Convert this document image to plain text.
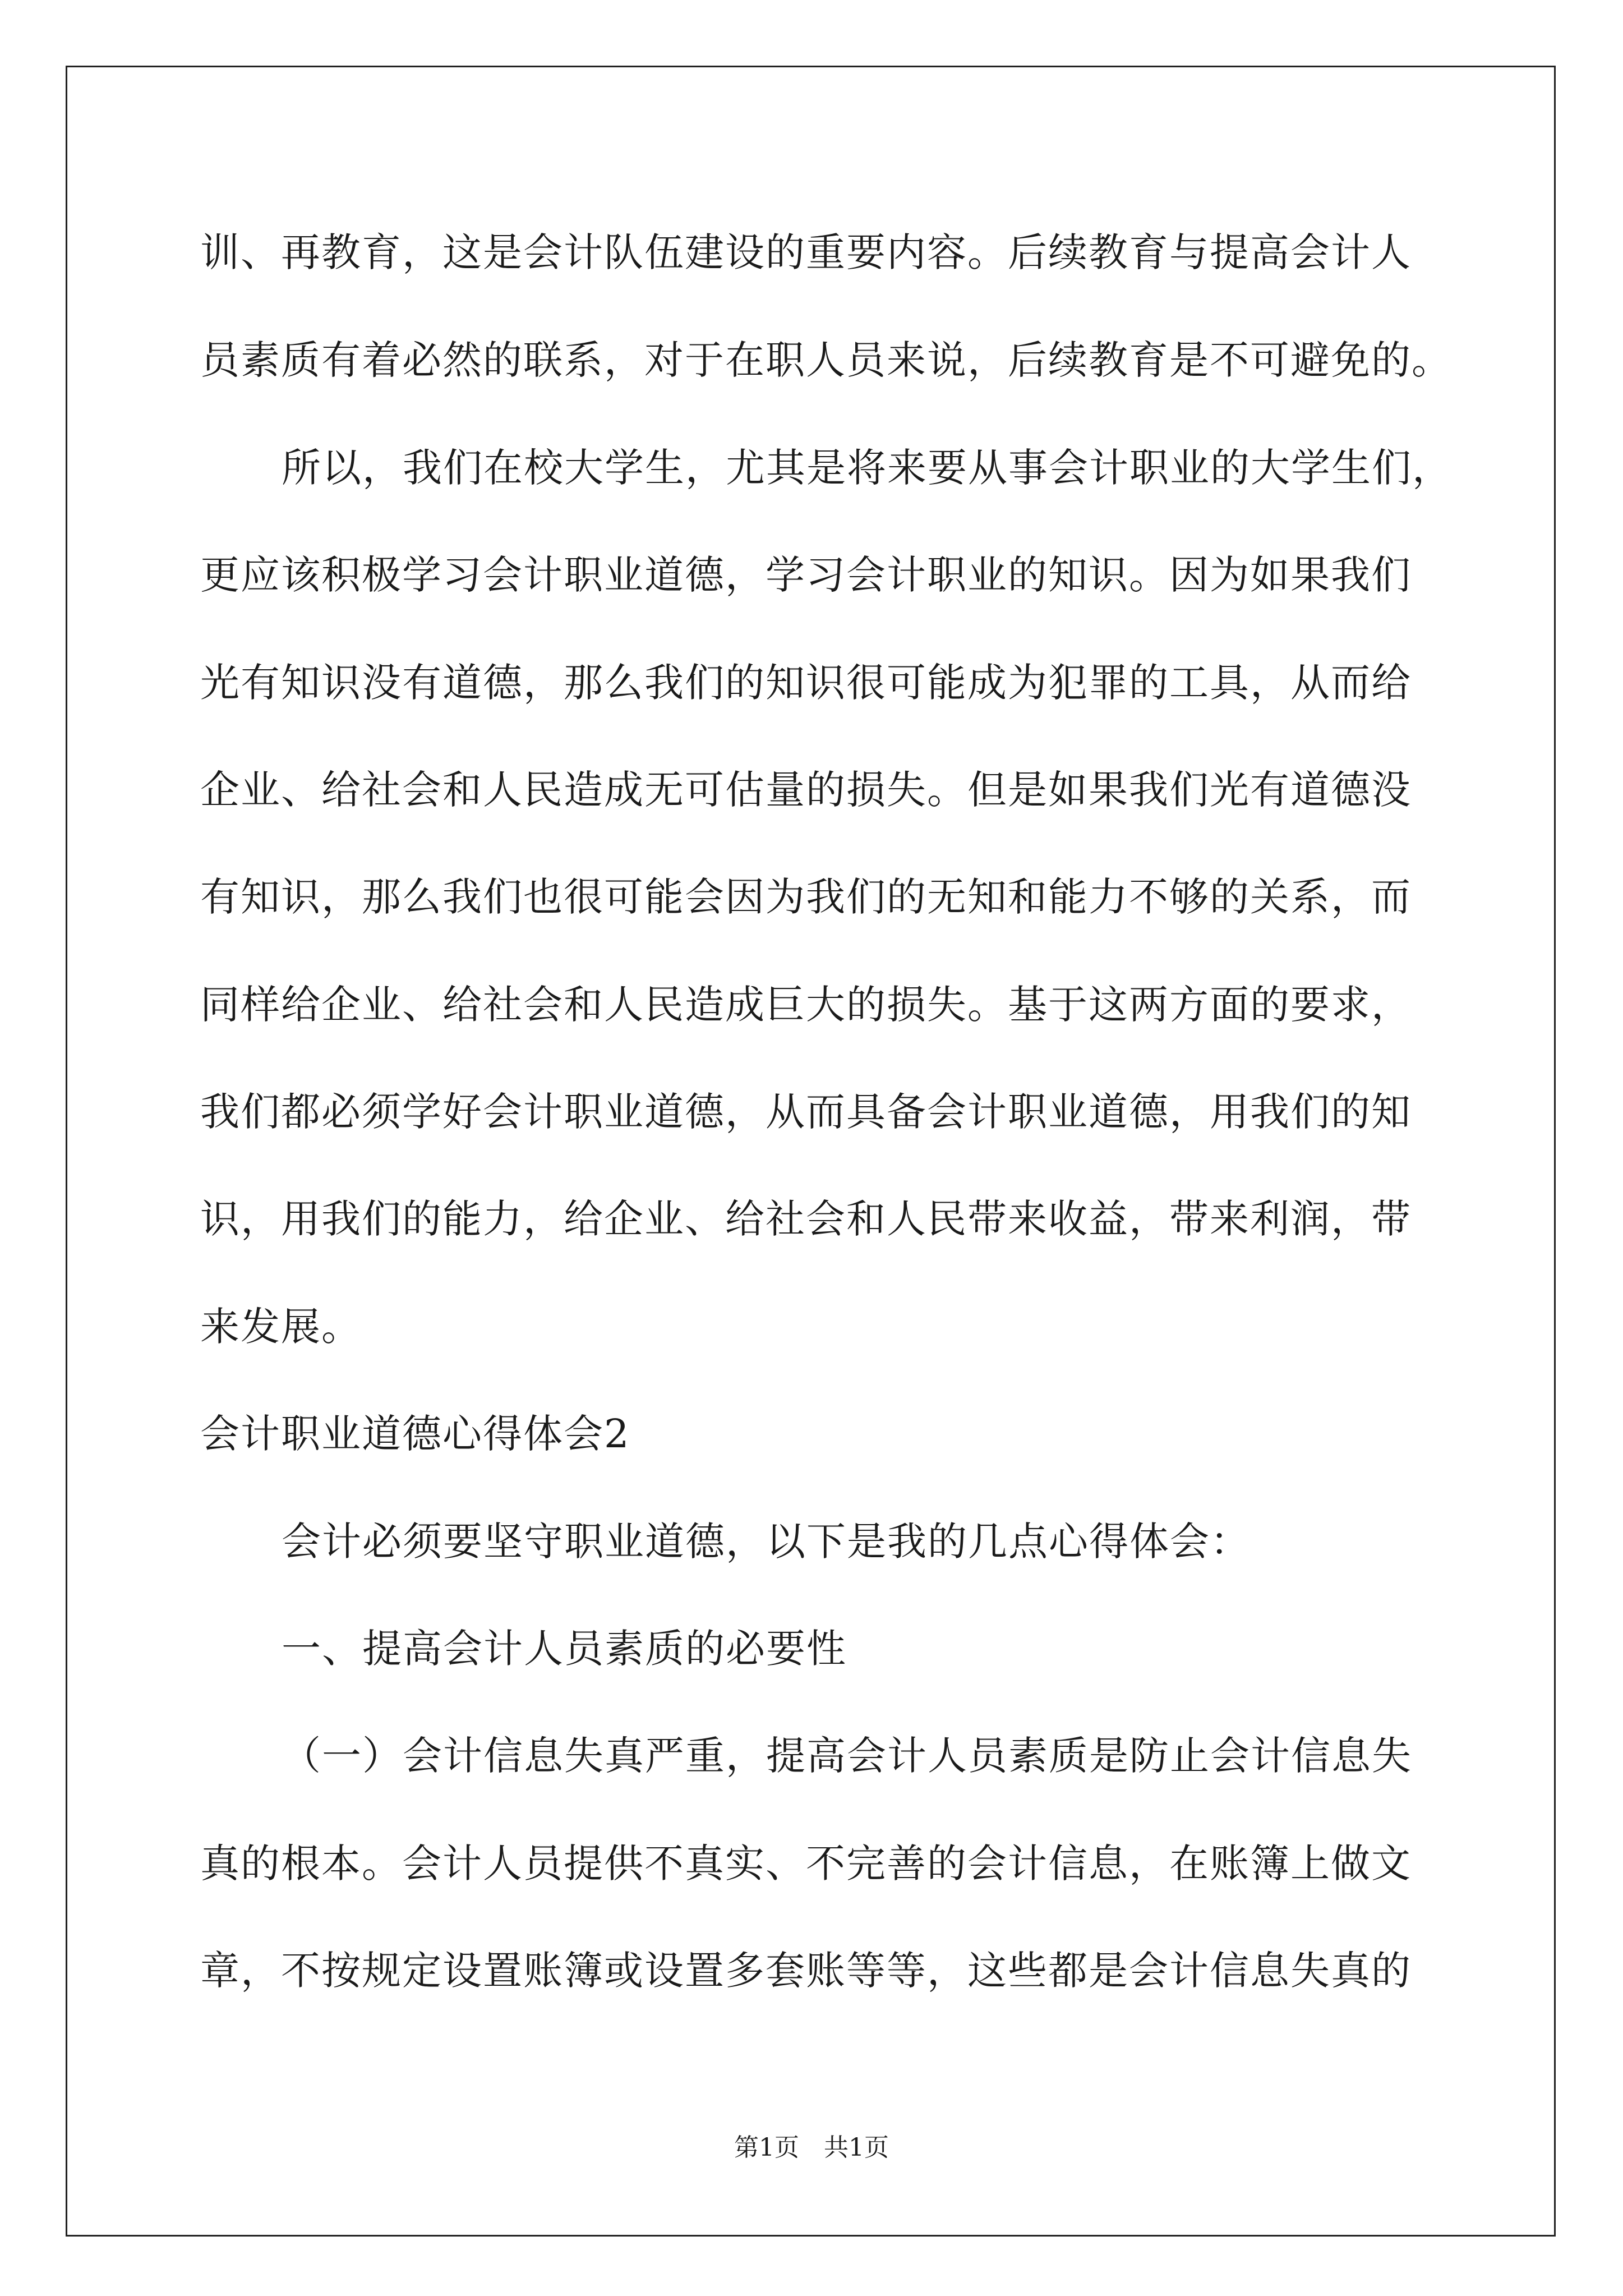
训、再教育，这是会计队伍建设的重要内容。后续教育与提高会计人
员素质有着必然的联系，对于在职人员来说，后续教育是不可避免的。
所以，我们在校大学生，尤其是将来要从事会计职业的大学生们，
更应该积极学习会计职业道德，学习会计职业的知识。因为如果我们
光有知识没有道德，那么我们的知识很可能成为犯罪的工具，从而给
企业、给社会和人民造成无可估量的损失。但是如果我们光有道德没
有知识，那么我们也很可能会因为我们的无知和能力不够的关系，而
同样给企业、给社会和人民造成巨大的损失。基于这两方面的要求，
我们都必须学好会计职业道德，从而具备会计职业道德，用我们的知
识，用我们的能力，给企业、给社会和人民带来收益，带来利润，带
来发展。
会计职业道德心得体会2
会计必须要坚守职业道德，以下是我的几点心得体会：
一、提高会计人员素质的必要性
（一）会计信息失真严重，提高会计人员素质是防止会计信息失
真的根本。会计人员提供不真实、不完善的会计信息，在账簿上做文
章，不按规定设置账簿或设置多套账等等，这些都是会计信息失真的
第1页　共1页
